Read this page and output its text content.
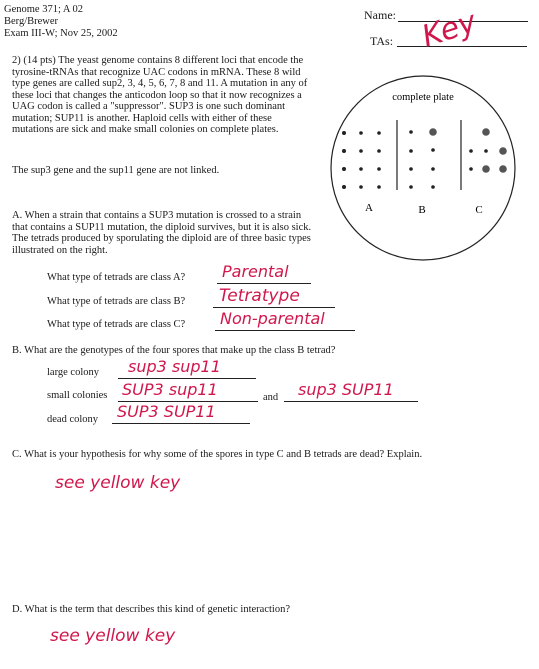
Genome 371; A 02
Berg/Brewer
Exam III-W; Nov 25, 2002
Name:
TAs: Key
2) (14 pts) The yeast genome contains 8 different loci that encode the tyrosine-tRNAs that recognize UAC codons in mRNA. These 8 wild type genes are called sup2, 3, 4, 5, 6, 7, 8 and 11. A mutation in any of these loci that changes the anticodon loop so that it now recognizes a UAG codon is called a "suppressor". SUP3 is one such dominant mutation; SUP11 is another. Haploid cells with either of these mutations are sick and make small colonies on complete plates.
The sup3 gene and the sup11 gene are not linked.
complete plate
A	B	C
A. When a strain that contains a SUP3 mutation is crossed to a strain that contains a SUP11 mutation, the diploid survives, but it is also sick. The tetrads produced by sporulating the diploid are of three basic types illustrated on the right.
What type of tetrads are class A? Parental
What type of tetrads are class B? Tetratype
What type of tetrads are class C? Non-parental
B. What are the genotypes of the four spores that make up the class B tetrad?
large colony sup3 sup11
small colonies SUP3 sup11	and sup3 SUP11
dead colony SUP3 SUP11
C. What is your hypothesis for why some of the spores in type C and B tetrads are dead? Explain.
see yellow key
D. What is the term that describes this kind of genetic interaction?
see yellow key
